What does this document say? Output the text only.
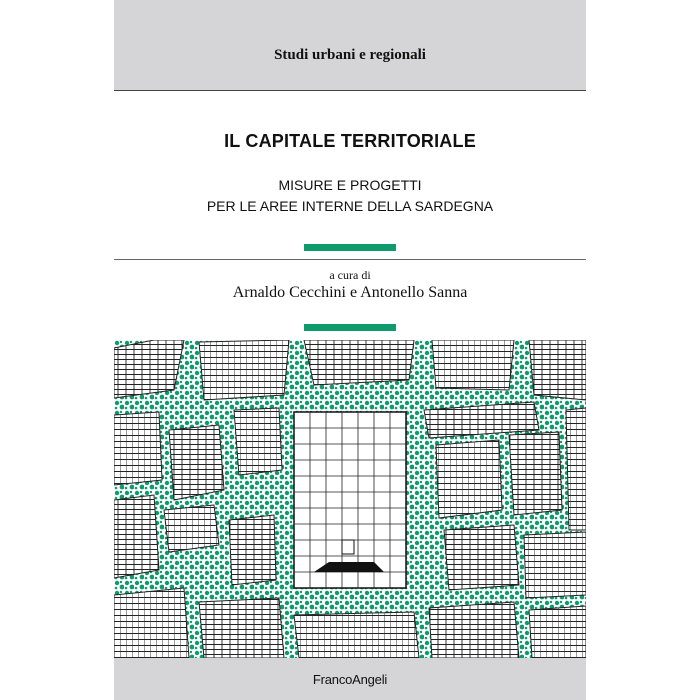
Studi urbani e regionali
IL CAPITALE TERRITORIALE
MISURE E PROGETTI
PER LE AREE INTERNE DELLA SARDEGNA
a cura di
Arnaldo Cecchini e Antonello Sanna
FrancoAngeli
